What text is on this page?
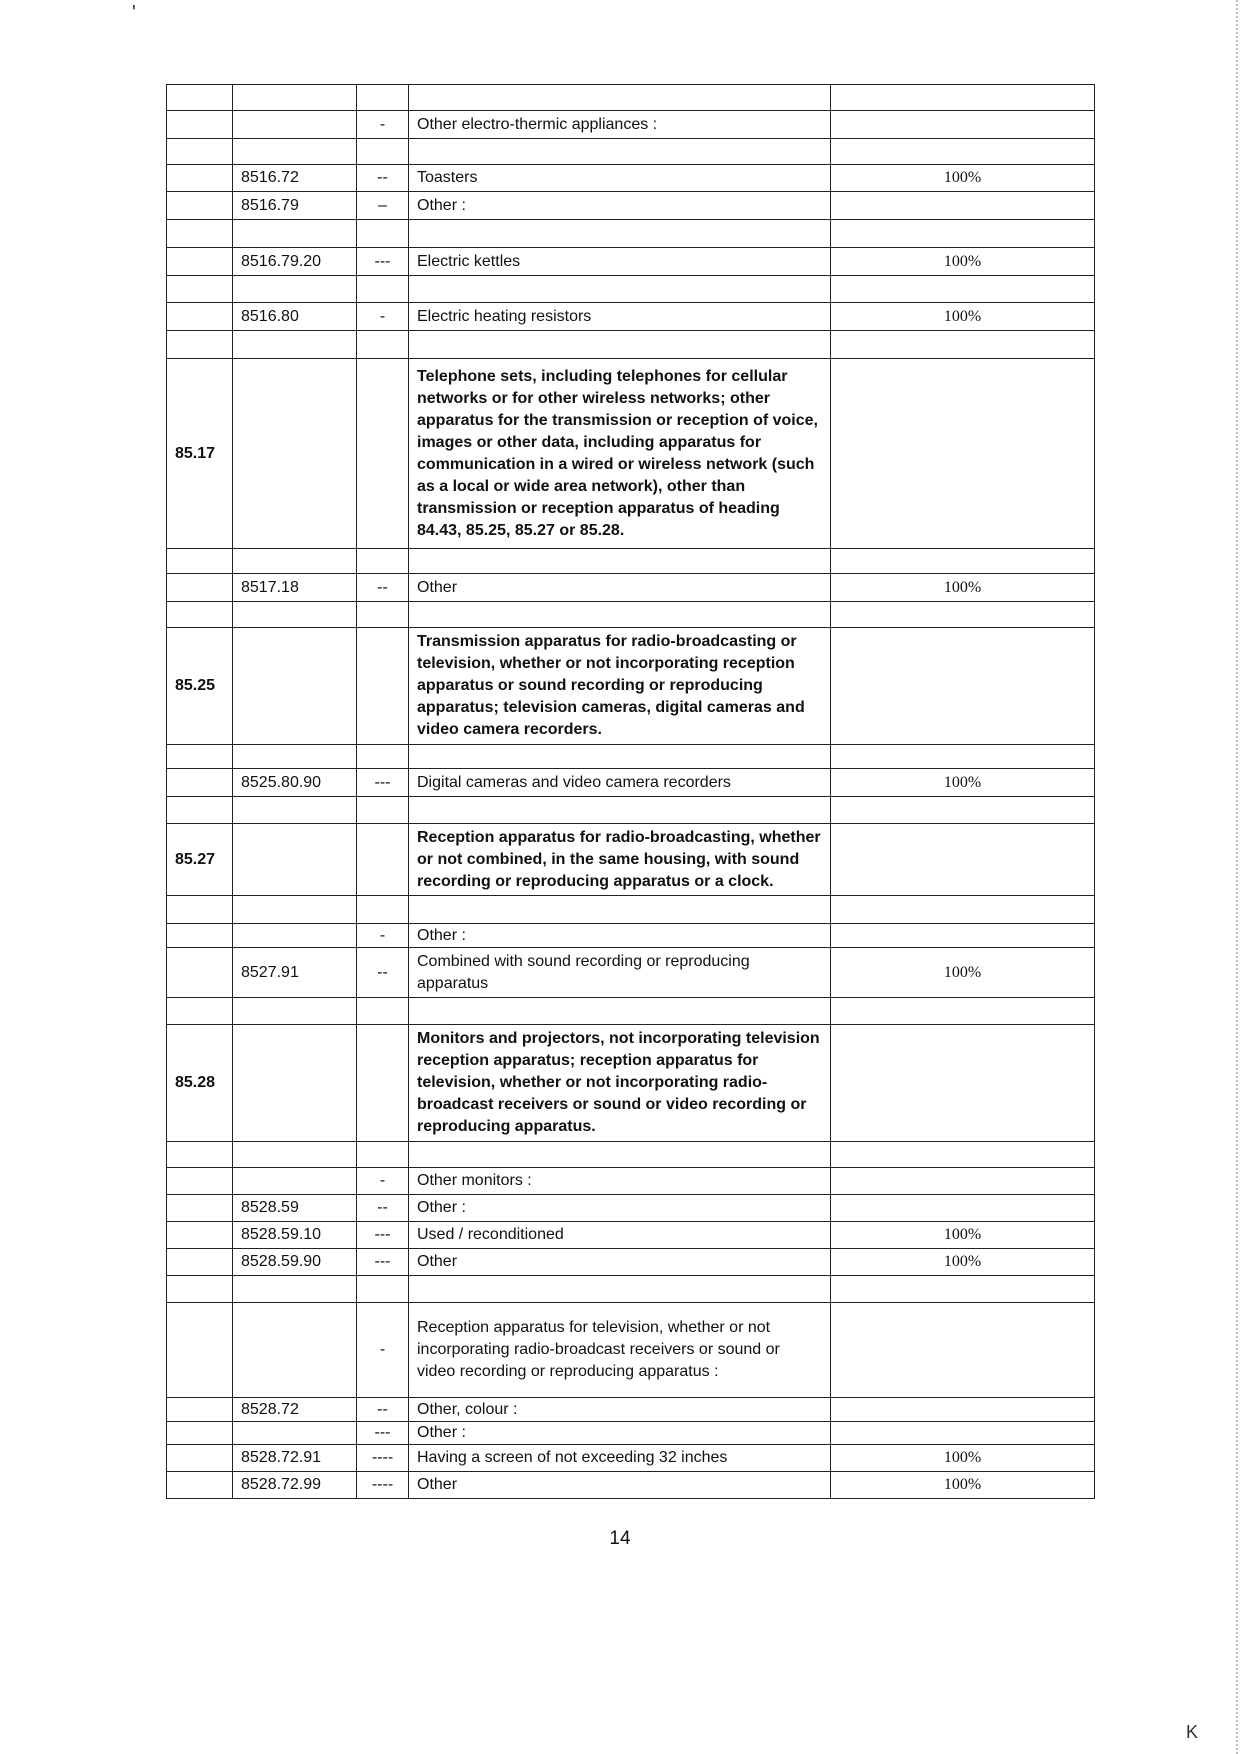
'
K

		-	Other electro-thermic appliances :	

	8516.72	--	Toasters	100%
	8516.79	–	Other :	

	8516.79.20	---	Electric kettles	100%

	8516.80	-	Electric heating resistors	100%

85.17			Telephone sets, including telephones for cellular networks or for other wireless networks; other apparatus for the transmission or reception of voice, images or other data, including apparatus for communication in a wired or wireless network (such as a local or wide area network), other than transmission or reception apparatus of heading 84.43, 85.25, 85.27 or 85.28.	

	8517.18	--	Other	100%

85.25			Transmission apparatus for radio-broadcasting or television, whether or not incorporating reception apparatus or sound recording or reproducing apparatus; television cameras, digital cameras and video camera recorders.	

	8525.80.90	---	Digital cameras and video camera recorders	100%

85.27			Reception apparatus for radio-broadcasting, whether or not combined, in the same housing, with sound recording or reproducing apparatus or a clock.	

		-	Other :	
	8527.91	--	Combined with sound recording or reproducing apparatus	100%

85.28			Monitors and projectors, not incorporating television reception apparatus; reception apparatus for television, whether or not incorporating radio-broadcast receivers or sound or video recording or reproducing apparatus.	

		-	Other monitors :	
	8528.59	--	Other :	
	8528.59.10	---	Used / reconditioned	100%
	8528.59.90	---	Other	100%

		-	Reception apparatus for television, whether or not incorporating radio-broadcast receivers or sound or video recording or reproducing apparatus :	
	8528.72	--	Other, colour :	
		---	Other :	
	8528.72.91	----	Having a screen of not exceeding 32 inches	100%
	8528.72.99	----	Other	100%
14
